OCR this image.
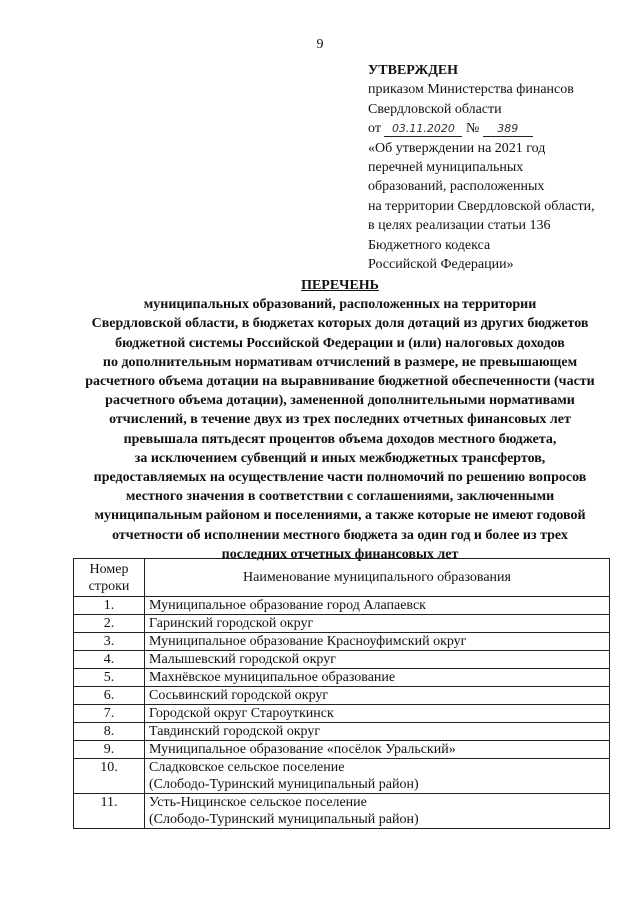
9
УТВЕРЖДЕН
приказом Министерства финансов
Свердловской области
от 03.11.2020 № 389
«Об утверждении на 2021 год
перечней муниципальных
образований, расположенных
на территории Свердловской области,
в целях реализации статьи 136
Бюджетного кодекса
Российской Федерации»
ПЕРЕЧЕНЬ
муниципальных образований, расположенных на территории
Свердловской области, в бюджетах которых доля дотаций из других бюджетов
бюджетной системы Российской Федерации и (или) налоговых доходов
по дополнительным нормативам отчислений в размере, не превышающем
расчетного объема дотации на выравнивание бюджетной обеспеченности (части
расчетного объема дотации), замененной дополнительными нормативами
отчислений, в течение двух из трех последних отчетных финансовых лет
превышала пятьдесят процентов объема доходов местного бюджета,
за исключением субвенций и иных межбюджетных трансфертов,
предоставляемых на осуществление части полномочий по решению вопросов
местного значения в соответствии с соглашениями, заключенными
муниципальным районом и поселениями, а также которые не имеют годовой
отчетности об исполнении местного бюджета за один год и более из трех
последних отчетных финансовых лет
Номер
строки	Наименование муниципального образования
1.	Муниципальное образование город Алапаевск
2.	Гаринский городской округ
3.	Муниципальное образование Красноуфимский округ
4.	Малышевский городской округ
5.	Махнёвское муниципальное образование
6.	Сосьвинский городской округ
7.	Городской округ Староуткинск
8.	Тавдинский городской округ
9.	Муниципальное образование «посёлок Уральский»
10.	Сладковское сельское поселение
(Слободо-Туринский муниципальный район)

11.	Усть-Ницинское сельское поселение
(Слободо-Туринский муниципальный район)
